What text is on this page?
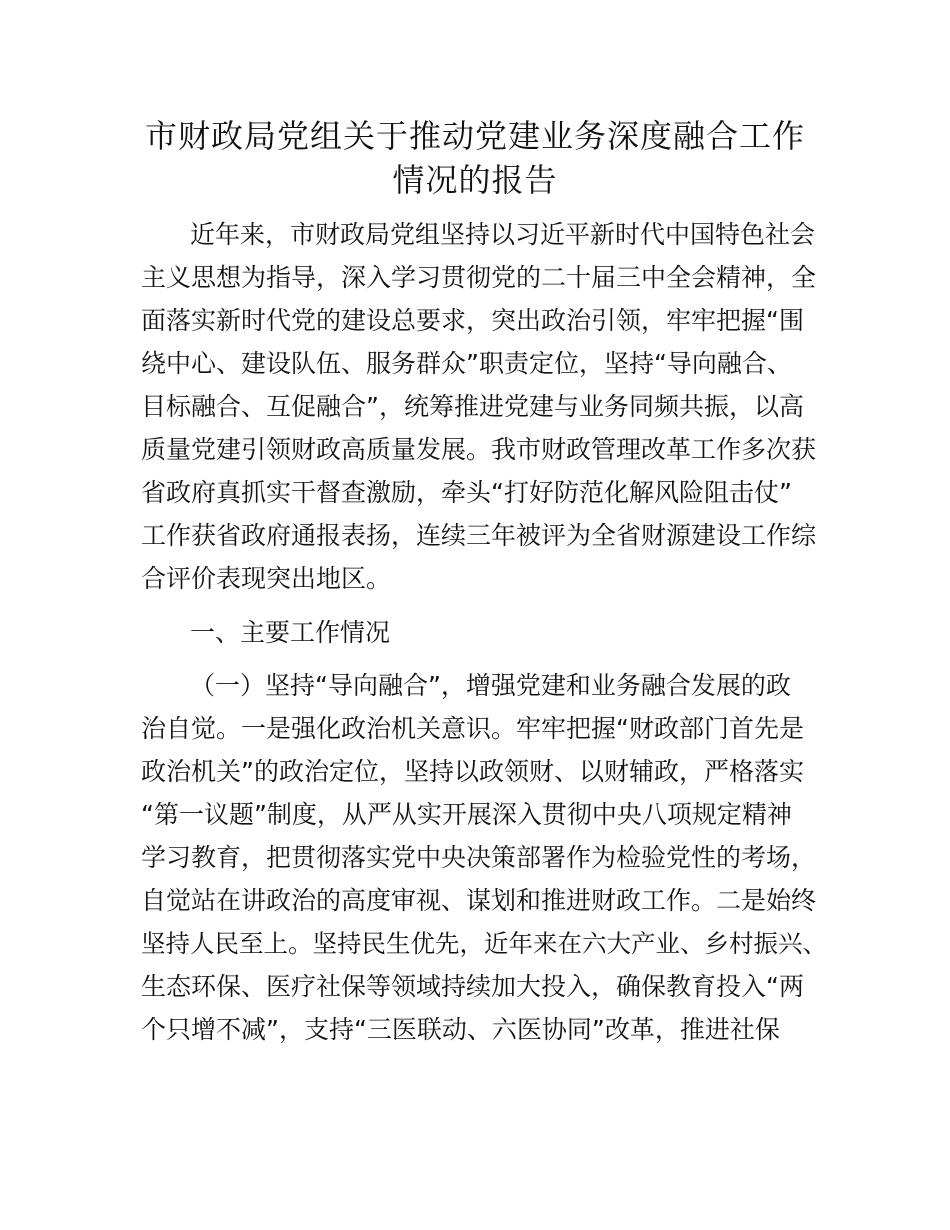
市财政局党组关于推动党建业务深度融合工作
情况的报告
近年来，市财政局党组坚持以习近平新时代中国特色社会
主义思想为指导，深入学习贯彻党的二十届三中全会精神，全
面落实新时代党的建设总要求，突出政治引领，牢牢把握“围
绕中心、建设队伍、服务群众”职责定位，坚持“导向融合、
目标融合、互促融合”，统筹推进党建与业务同频共振，以高
质量党建引领财政高质量发展。我市财政管理改革工作多次获
省政府真抓实干督查激励，牵头“打好防范化解风险阻击仗”
工作获省政府通报表扬，连续三年被评为全省财源建设工作综
合评价表现突出地区。
一、主要工作情况
（一）坚持“导向融合”，增强党建和业务融合发展的政
治自觉。一是强化政治机关意识。牢牢把握“财政部门首先是
政治机关”的政治定位，坚持以政领财、以财辅政，严格落实
“第一议题”制度，从严从实开展深入贯彻中央八项规定精神
学习教育，把贯彻落实党中央决策部署作为检验党性的考场，
自觉站在讲政治的高度审视、谋划和推进财政工作。二是始终
坚持人民至上。坚持民生优先，近年来在六大产业、乡村振兴、
生态环保、医疗社保等领域持续加大投入，确保教育投入“两
个只增不减”，支持“三医联动、六医协同”改革，推进社保
